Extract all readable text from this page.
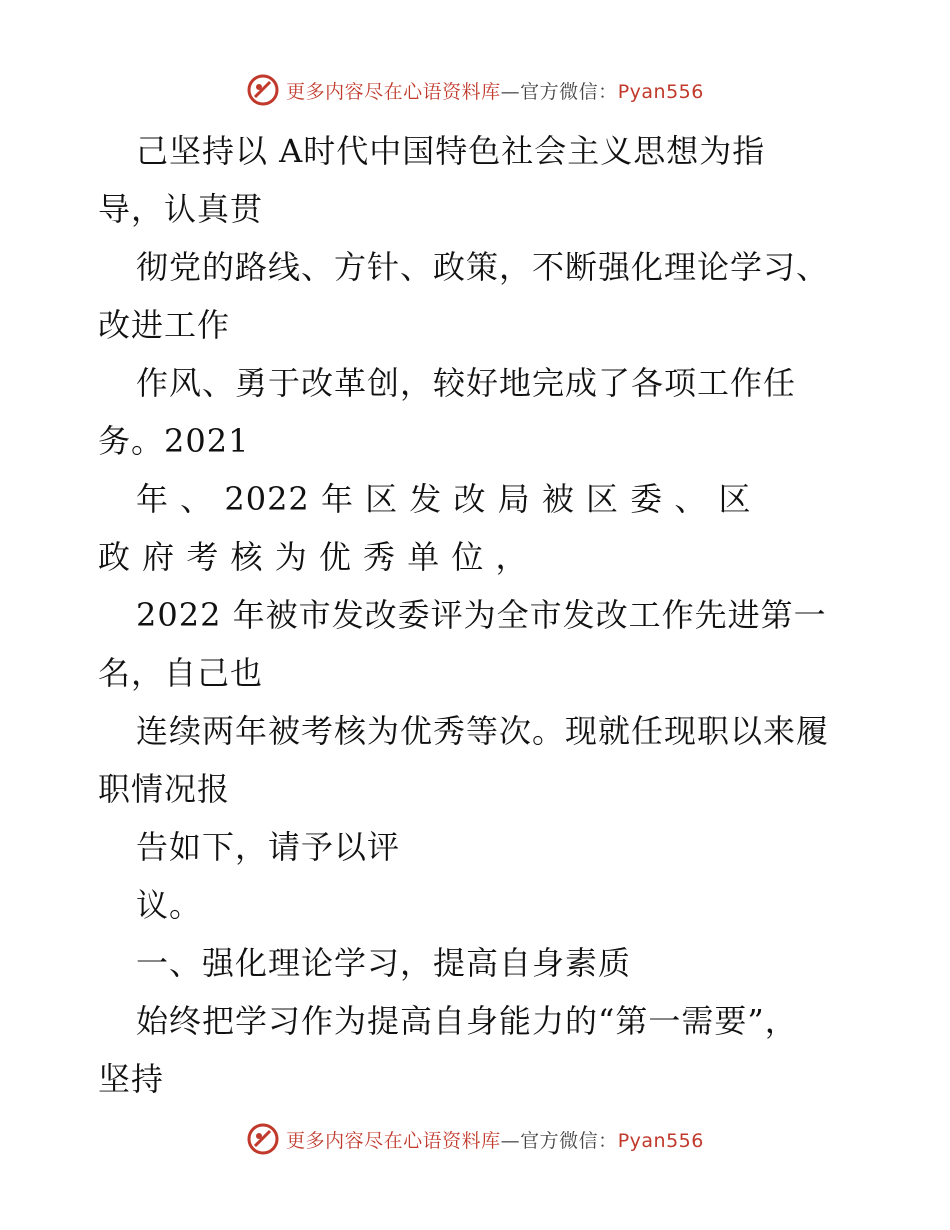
更多内容尽在心语资料库—官方微信：Pyan556
己坚持以 A时代中国特色社会主义思想为指
导，认真贯
彻党的路线、方针、政策，不断强化理论学习、
改进工作
作风、勇于改革创，较好地完成了各项工作任
务。2021
年 、 2022 年 区 发 改 局 被 区 委 、 区
政 府 考 核 为 优 秀 单 位 ，
2022 年被市发改委评为全市发改工作先进第一
名，自己也
连续两年被考核为优秀等次。现就任现职以来履
职情况报
告如下，请予以评
议。
一、强化理论学习，提高自身素质
始终把学习作为提高自身能力的“第一需要”，
坚持
更多内容尽在心语资料库—官方微信：Pyan556
